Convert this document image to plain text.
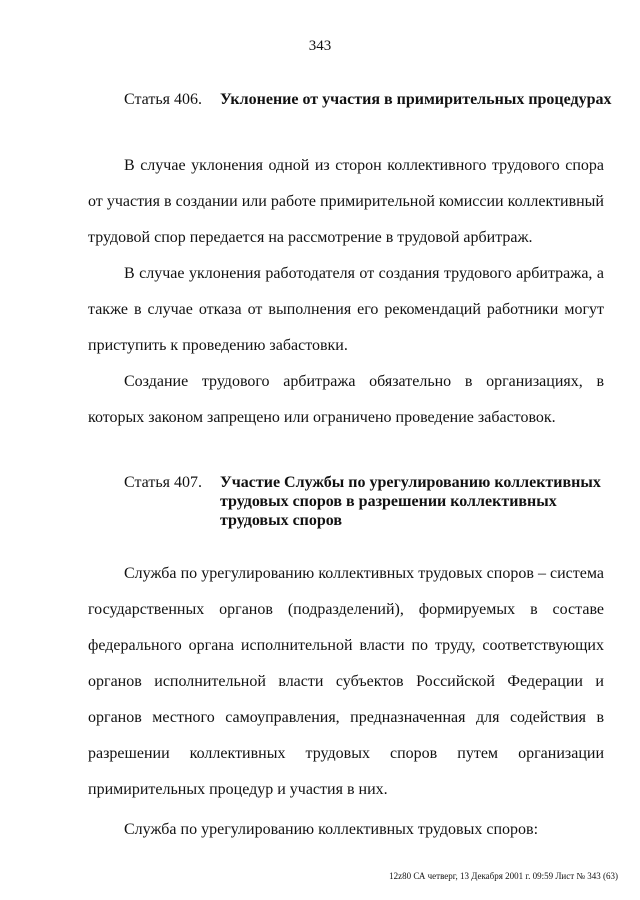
343
Статья 406.	Уклонение от участия в примирительных процедурах

В случае уклонения одной из сторон коллективного трудового спора от участия в создании или работе примирительной комиссии коллективный трудовой спор передается на рассмотрение в трудовой арбитраж.

В случае уклонения работодателя от создания трудового арбитража, а также в случае отказа от выполнения его рекомендаций работники могут приступить к проведению забастовки.

Создание трудового арбитража обязательно в организациях, в которых законом запрещено или ограничено проведение забастовок.

Статья 407.	Участие Службы по урегулированию коллективных трудовых споров в разрешении коллективных трудовых споров

Служба по урегулированию коллективных трудовых споров – система государственных органов (подразделений), формируемых в составе федерального органа исполнительной власти по труду, соответствующих органов исполнительной власти субъектов Российской Федерации и органов местного самоуправления, предназначенная для содействия в разрешении коллективных трудовых споров путем организации примирительных процедур и участия в них.

Служба по урегулированию коллективных трудовых споров:

12z80 СА четверг, 13 Декабря 2001 г. 09:59 Лист № 343 (63)
